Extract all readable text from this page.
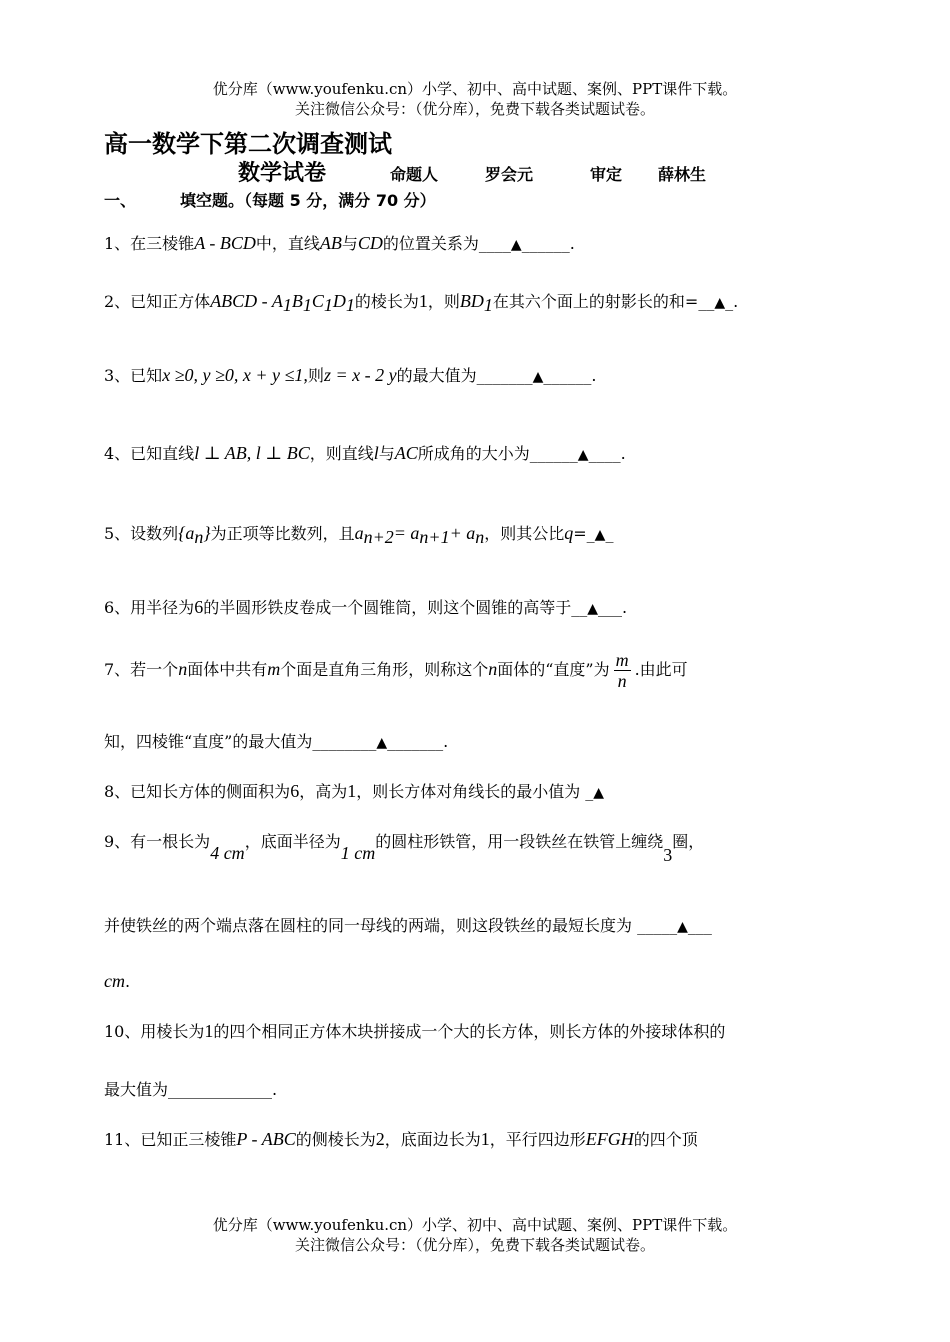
优分库（www.youfenku.cn）小学、初中、高中试题、案例、PPT课件下载。
关注微信公众号：（优分库），免费下载各类试题试卷。
高一数学下第二次调查测试
数学试卷	命题人	罗会元	审定 薛林生
一、	填空题。（每题 5 分，满分 70 分）
1、在三棱锥A - BCD中，直线AB与CD的位置关系为____▲______.
2、已知正方体ABCD - $A_1B_1C_1D_1$的棱长为1，则$BD_1$在其六个面上的射影长的和=__▲_.
3、已知x ≥0, y ≥0, x + y ≤1,则z = x - 2 y的最大值为_______▲______.
4、已知直线l ⊥ AB, l ⊥ BC，则直线l与AC所成角的大小为______▲____.
5、设数列$\{a_n\}$为正项等比数列，且$a_{n+2}= a_{n+1}+ a_n$，则其公比q=_▲_
6、用半径为6的半圆形铁皮卷成一个圆锥筒，则这个圆锥的高等于__▲___.
7、若一个n面体中共有m个面是直角三角形，则称这个n面体的“直度”为 $\frac{m}{n}$ .由此可
知，四棱锥“直度”的最大值为________▲_______.
8、已知长方体的侧面积为6，高为1，则长方体对角线长的最小值为 _▲
9、有一根长为4 cm，底面半径为1 cm的圆柱形铁管，用一段铁丝在铁管上缠绕3圈，
并使铁丝的两个端点落在圆柱的同一母线的两端，则这段铁丝的最短长度为 _____▲___
cm.
10、用棱长为1的四个相同正方体木块拼接成一个大的长方体，则长方体的外接球体积的
最大值为_____________.
11、已知正三棱锥P - ABC的侧棱长为2，底面边长为1，平行四边形EFGH的四个顶
优分库（www.youfenku.cn）小学、初中、高中试题、案例、PPT课件下载。
关注微信公众号：（优分库），免费下载各类试题试卷。
